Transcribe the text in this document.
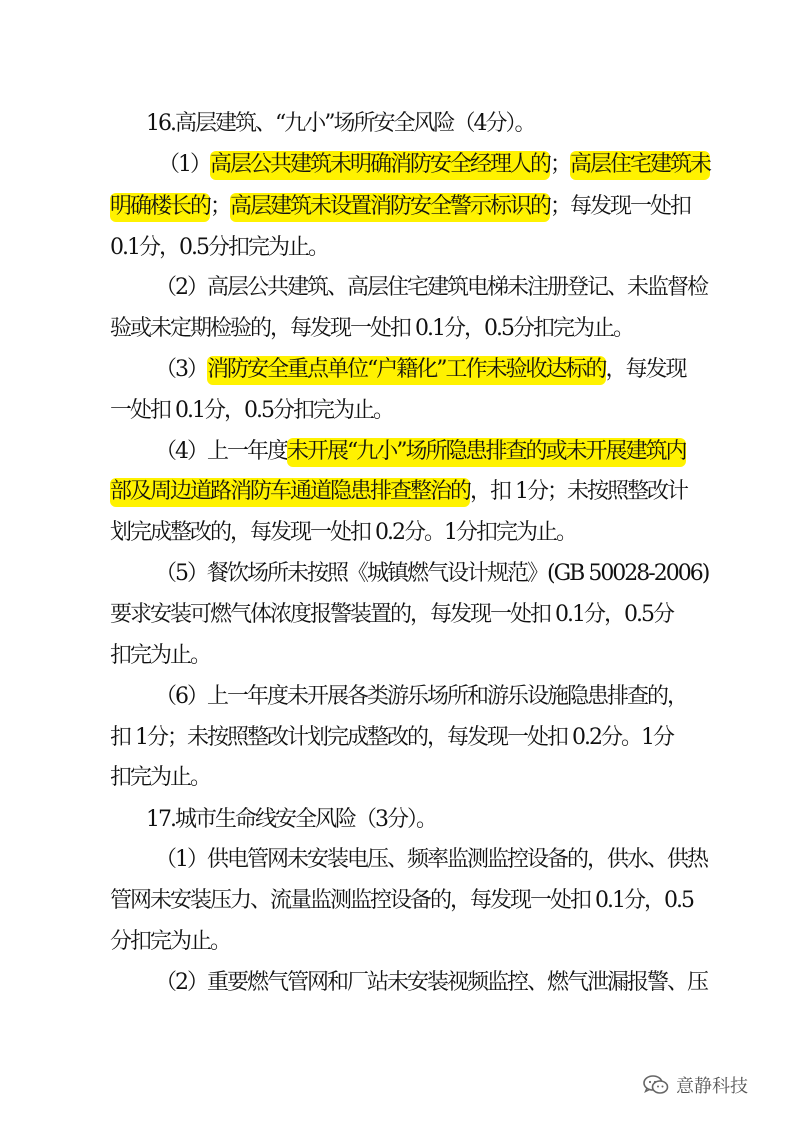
16.高层建筑、“九小”场所安全风险（4分）。
（1）高层公共建筑未明确消防安全经理人的；高层住宅建筑未
明确楼长的；高层建筑未设置消防安全警示标识的；每发现一处扣
0.1分，0.5分扣完为止。
（2）高层公共建筑、高层住宅建筑电梯未注册登记、未监督检
验或未定期检验的，每发现一处扣 0.1分，0.5分扣完为止。
（3）消防安全重点单位“户籍化”工作未验收达标的，每发现
一处扣 0.1分，0.5分扣完为止。
（4）上一年度未开展“九小”场所隐患排查的或未开展建筑内
部及周边道路消防车通道隐患排查整治的，扣 1分；未按照整改计
划完成整改的，每发现一处扣 0.2分。1分扣完为止。
（5）餐饮场所未按照《城镇燃气设计规范》(GB 50028-2006)
要求安装可燃气体浓度报警装置的，每发现一处扣 0.1分，0.5分
扣完为止。
（6）上一年度未开展各类游乐场所和游乐设施隐患排查的，
扣 1分；未按照整改计划完成整改的，每发现一处扣 0.2分。1分
扣完为止。
17.城市生命线安全风险（3分）。
（1）供电管网未安装电压、频率监测监控设备的，供水、供热
管网未安装压力、流量监测监控设备的，每发现一处扣 0.1分，0.5
分扣完为止。
（2）重要燃气管网和厂站未安装视频监控、燃气泄漏报警、压
意静科技
